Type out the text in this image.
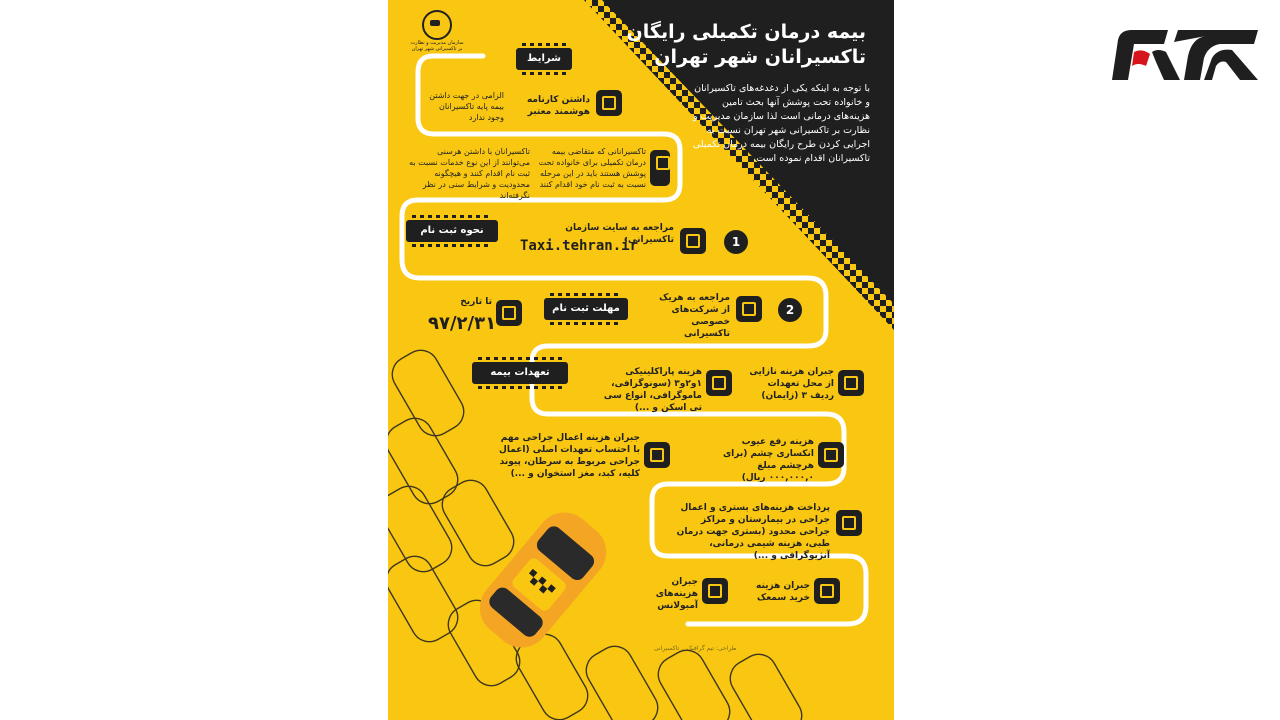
سازمان مدیریت و نظارت بر تاکسیرانی شهر تهران
بیمه درمان تکمیلی رایگان تاکسیرانان شهر تهران
با توجه به اینکه یکی از دغدغه‌های تاکسیرانان و خانواده تحت پوشش آنها بحث تامین هزینه‌های درمانی است لذا سازمان مدیریت و نظارت بر تاکسیرانی شهر تهران نسبت به اجرایی کردن طرح رایگان بیمه درمان تکمیلی تاکسیرانان اقدام نموده است.
شرایط
داشتن کارنامه هوشمند معتبر
الزامی در جهت داشتن بیمه پایه تاکسیرانان وجود ندارد
تاکسیرانانی که متقاضی بیمه درمان تکمیلی برای خانواده تحت پوشش هستند باید در این مرحله نسبت به ثبت نام خود اقدام کنند
تاکسیرانان با داشتن هرسنی می‌توانند از این نوع خدمات نسبت به ثبت نام اقدام کنند و هیچگونه محدودیت و شرایط سنی در نظر نگرفته‌اند
نحوه ثبت نام
1
مراجعه به سایت سازمان تاکسیرانی:
Taxi.tehran.ir
2
مراجعه به هریک از شرکت‌های خصوصی تاکسیرانی
مهلت ثبت نام
تا تاریخ
۹۷/۲/۳۱
تعهدات بیمه	جبران هزینه نازایی از محل تعهدات ردیف ۳ (زایمان)
هزینه پاراکلینیکی ۱و۲و۳ (سونوگرافی، ماموگرافی، انواع سی تی اسکن و ...)
هزینه رفع عیوب انکساری چشم (برای هرچشم مبلغ ۰۰۰,۰۰۰,۰ ریال)
جبران هزینه اعمال جراحی مهم با احتساب تعهدات اصلی (اعمال جراحی مربوط به سرطان، پیوند کلیه، کبد، مغز استخوان و ...)
پرداخت هزینه‌های بستری و اعمال جراحی در بیمارستان و مراکز جراحی محدود (بستری جهت درمان طبی، هزینه شیمی درمانی، آنژیوگرافی و ...)
جبران هزینه خرید سمعک
جبران هزینه‌های آمبولانس
طراحی: تیم گرافیک... تاکسیرانی
